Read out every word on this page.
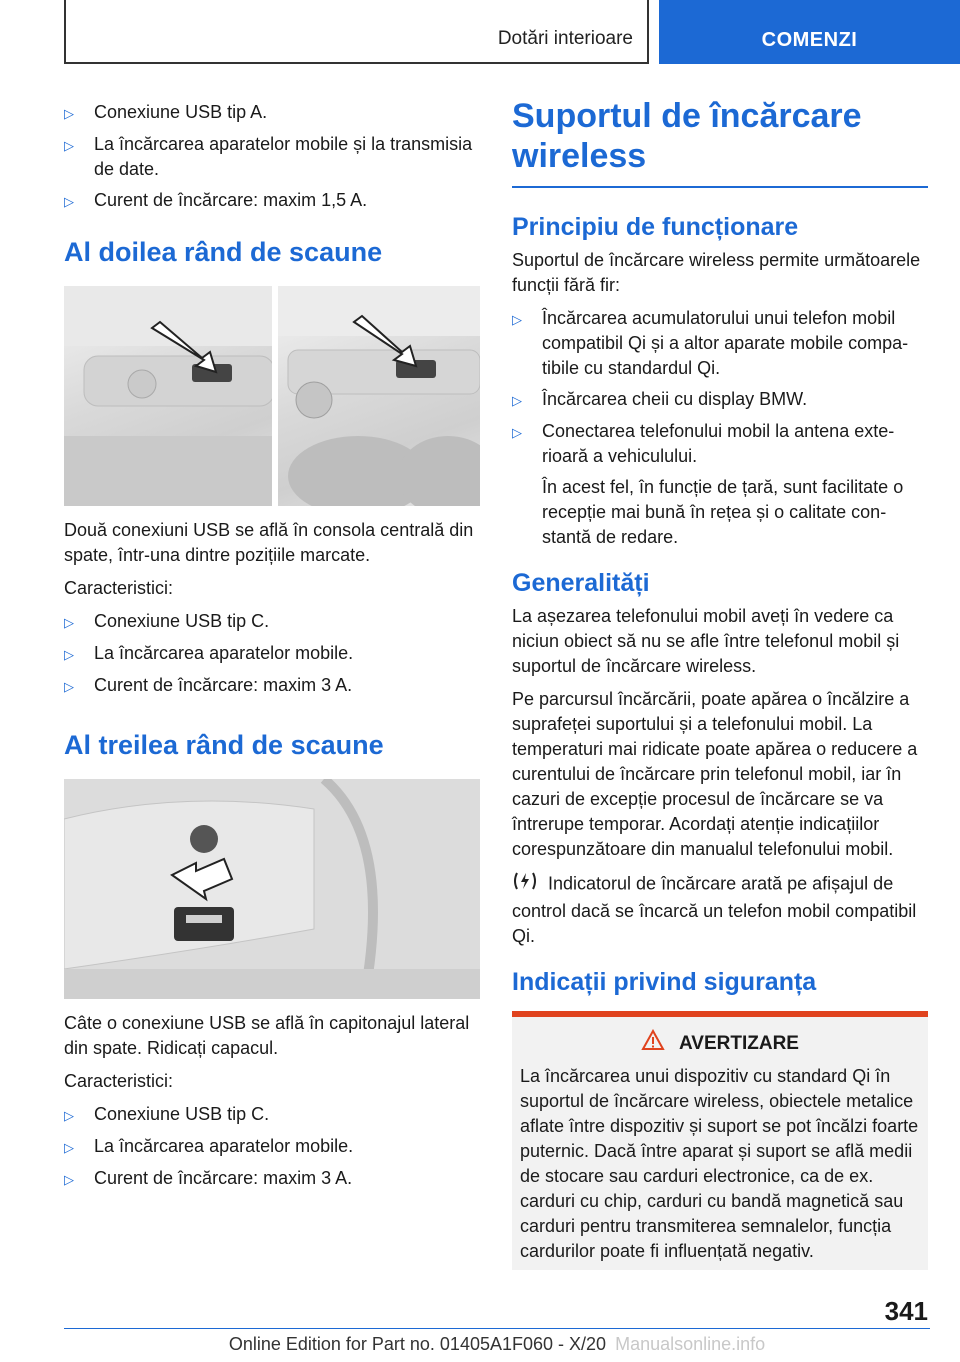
Dotări interioare	COMENZI
▷	Conexiune USB tip A.
▷	La încărcarea aparatelor mobile și la transmisia de date.
▷	Curent de încărcare: maxim 1,5 A.
Al doilea rând de scaune

Două conexiuni USB se află în consola centrală din spate, într-una dintre pozițiile marcate.

Caracteristici:

▷	Conexiune USB tip C.
▷	La încărcarea aparatelor mobile.
▷	Curent de încărcare: maxim 3 A.
Al treilea rând de scaune

Câte o conexiune USB se află în capitonajul lateral din spate. Ridicați capacul.

Caracteristici:

▷	Conexiune USB tip C.
▷	La încărcarea aparatelor mobile.
▷	Curent de încărcare: maxim 3 A.
Suportul de încărcare wireless
Principiu de funcționare

Suportul de încărcare wireless permite următoarele funcții fără fir:

▷	Încărcarea acumulatorului unui telefon mobil compatibil Qi și a altor aparate mobile compatibile cu standardul Qi.
▷	Încărcarea cheii cu display BMW.
▷	Conectarea telefonului mobil la antena exterioară a vehiculului.
În acest fel, în funcție de țară, sunt facilitate o recepție mai bună în rețea și o calitate constantă de redare.
Generalități

La așezarea telefonului mobil aveți în vedere ca niciun obiect să nu se afle între telefonul mobil și suportul de încărcare wireless.

Pe parcursul încărcării, poate apărea o încălzire a suprafeței suportului și a telefonului mobil. La temperaturi mai ridicate poate apărea o reducere a curentului de încărcare prin telefonul mobil, iar în cazuri de excepție procesul de încărcare se va întrerupe temporar. Acordați atenție indicațiilor corespunzătoare din manualul telefonului mobil.

Indicatorul de încărcare arată pe afișajul de control dacă se încarcă un telefon mobil compatibil Qi.

Indicații privind siguranța
AVERTIZARE
La încărcarea unui dispozitiv cu standard Qi în suportul de încărcare wireless, obiectele metalice aflate între dispozitiv și suport se pot încălzi foarte puternic. Dacă între aparat și suport se află medii de stocare sau carduri electronice, ca de ex. carduri cu chip, carduri cu bandă magnetică sau carduri pentru transmiterea semnalelor, funcția cardurilor poate fi influențată negativ.
341
Online Edition for Part no. 01405A1F060 - X/20 Manualsonline.info
